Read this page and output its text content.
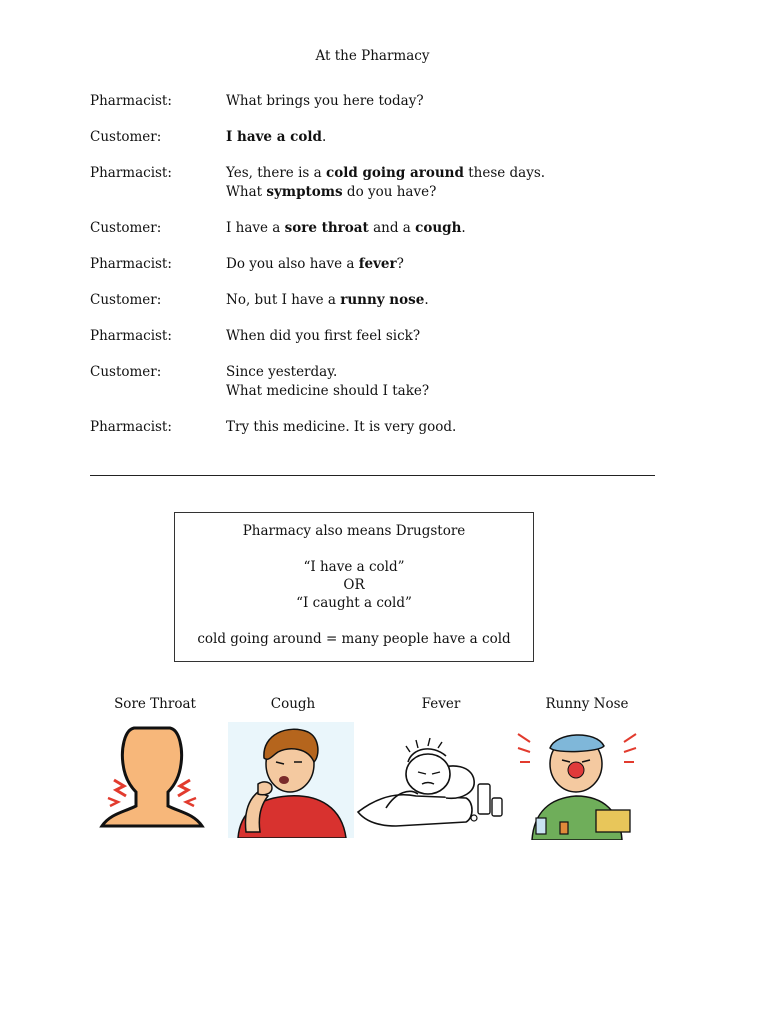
At the Pharmacy
Pharmacist:	What brings you here today?
Customer:	I have a cold.
Pharmacist:	Yes, there is a cold going around these days.
What symptoms do you have?
Customer:	I have a sore throat and a cough.
Pharmacist:	Do you also have a fever?
Customer:	No, but I have a runny nose.
Pharmacist:	When did you first feel sick?
Customer:	Since yesterday.
What medicine should I take?
Pharmacist:	Try this medicine. It is very good.
Pharmacy also means Drugstore
“I have a cold”
OR
“I caught a cold”
cold going around = many people have a cold
Sore Throat	Cough	Fever	Runny Nose
